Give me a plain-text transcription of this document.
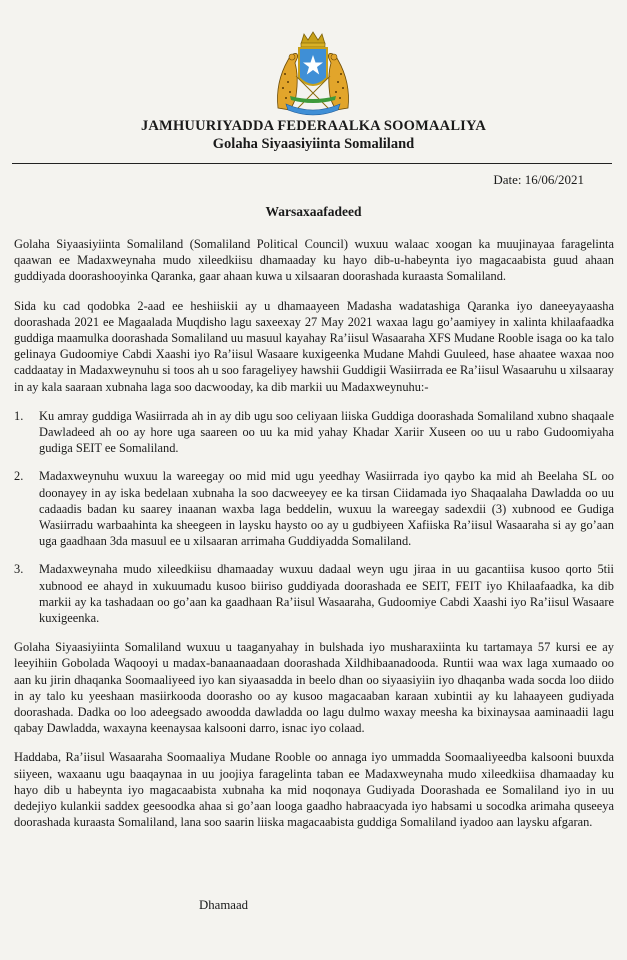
JAMHUURIYADDA FEDERAALKA SOOMAALIYA
Golaha Siyaasiyiinta Somaliland
Date: 16/06/2021
Warsaxaafadeed

Golaha Siyaasiyiinta Somaliland (Somaliland Political Council) wuxuu walaac xoogan ka muujinayaa faragelinta qaawan ee Madaxweynaha mudo xileedkiisu dhamaaday ku hayo dib-u-habeynta iyo magacaabista guud ahaan guddiyada doorashooyinka Qaranka, gaar ahaan kuwa u xilsaaran doorashada kuraasta Somaliland.

Sida ku cad qodobka 2-aad ee heshiiskii ay u dhamaayeen Madasha wadatashiga Qaranka iyo daneeyayaasha doorashada 2021 ee Magaalada Muqdisho lagu saxeexay 27 May 2021 waxaa lagu go’aamiyey in xalinta khilaafaadka guddiga maamulka doorashada Somaliland uu masuul kayahay Ra’iisul Wasaaraha XFS Mudane Rooble isaga oo ka talo gelinaya Gudoomiye Cabdi Xaashi iyo Ra’iisul Wasaare kuxigeenka Mudane Mahdi Guuleed, hase ahaatee waxaa noo caddaatay in Madaxweynuhu si toos ah u soo farageliyey hawshii Guddigii Wasiirrada ee Ra’iisul Wasaaruhu u xilsaaray in ay kala saaraan xubnaha laga soo dacwooday, ka dib markii uu Madaxweynuhu:-

1. Ku amray guddiga Wasiirrada ah in ay dib ugu soo celiyaan liiska Guddiga doorashada Somaliland xubno shaqaale Dawladeed ah oo ay hore uga saareen oo uu ka mid yahay Khadar Xariir Xuseen oo uu u rabo Gudoomiyaha gudiga SEIT ee Somaliland.
2. Madaxweynuhu wuxuu la wareegay oo mid mid ugu yeedhay Wasiirrada iyo qaybo ka mid ah Beelaha SL oo doonayey in ay iska bedelaan xubnaha la soo dacweeyey ee ka tirsan Ciidamada iyo Shaqaalaha Dawladda oo uu cadaadis badan ku saarey inaanan waxba laga beddelin, wuxuu la wareegay sadexdii (3) xubnood ee Gudiga Wasiirradu warbaahinta ka sheegeen in laysku haysto oo ay u gudbiyeen Xafiiska Ra’iisul Wasaaraha si ay go’aan uga gaadhaan 3da masuul ee u xilsaaran arrimaha Guddiyadda Somaliland.
3. Madaxweynaha mudo xileedkiisu dhamaaday wuxuu dadaal weyn ugu jiraa in uu gacantiisa kusoo qorto 5tii xubnood ee ahayd in xukuumadu kusoo biiriso guddiyada doorashada ee SEIT, FEIT iyo Khilaafaadka, ka dib markii ay ka tashadaan oo go’aan ka gaadhaan Ra’iisul Wasaaraha, Gudoomiye Cabdi Xaashi iyo Ra’iisul Wasaare kuxigeenka.

Golaha Siyaasiyiinta Somaliland wuxuu u taaganyahay in bulshada iyo musharaxiinta ku tartamaya 57 kursi ee ay leeyihiin Gobolada Waqooyi u madax-banaanaadaan doorashada Xildhibaanadooda. Runtii waa wax laga xumaado oo aan ku jirin dhaqanka Soomaaliyeed iyo kan siyaasadda in beelo dhan oo siyaasiyiin iyo dhaqanba wada socda loo diido in ay talo ku yeeshaan masiirkooda doorasho oo ay kusoo magacaaban karaan xubintii ay ku lahaayeen gudiyada doorashada. Dadka oo loo adeegsado awoodda dawladda oo lagu dulmo waxay meesha ka bixinaysaa aaminaadii lagu qabay Dawladda, waxayna keenaysaa kalsooni darro, isnac iyo colaad.

Haddaba, Ra’iisul Wasaaraha Soomaaliya Mudane Rooble oo annaga iyo ummadda Soomaaliyeedba kalsooni buuxda siiyeen, waxaanu ugu baaqaynaa in uu joojiya faragelinta taban ee Madaxweynaha mudo xileedkiisa dhamaaday ku hayo dib u habeynta iyo magacaabista xubnaha ka mid noqonaya Gudiyada Doorashada ee Somaliland iyo in uu dedejiyo kulankii saddex geesoodka ahaa si go’aan looga gaadho habraacyada iyo habsami u socodka arimaha quseeya doorashada kuraasta Somaliland, lana soo saarin liiska magacaabista guddiga Somaliland iyadoo aan laysku afgaran.

Dhamaad
